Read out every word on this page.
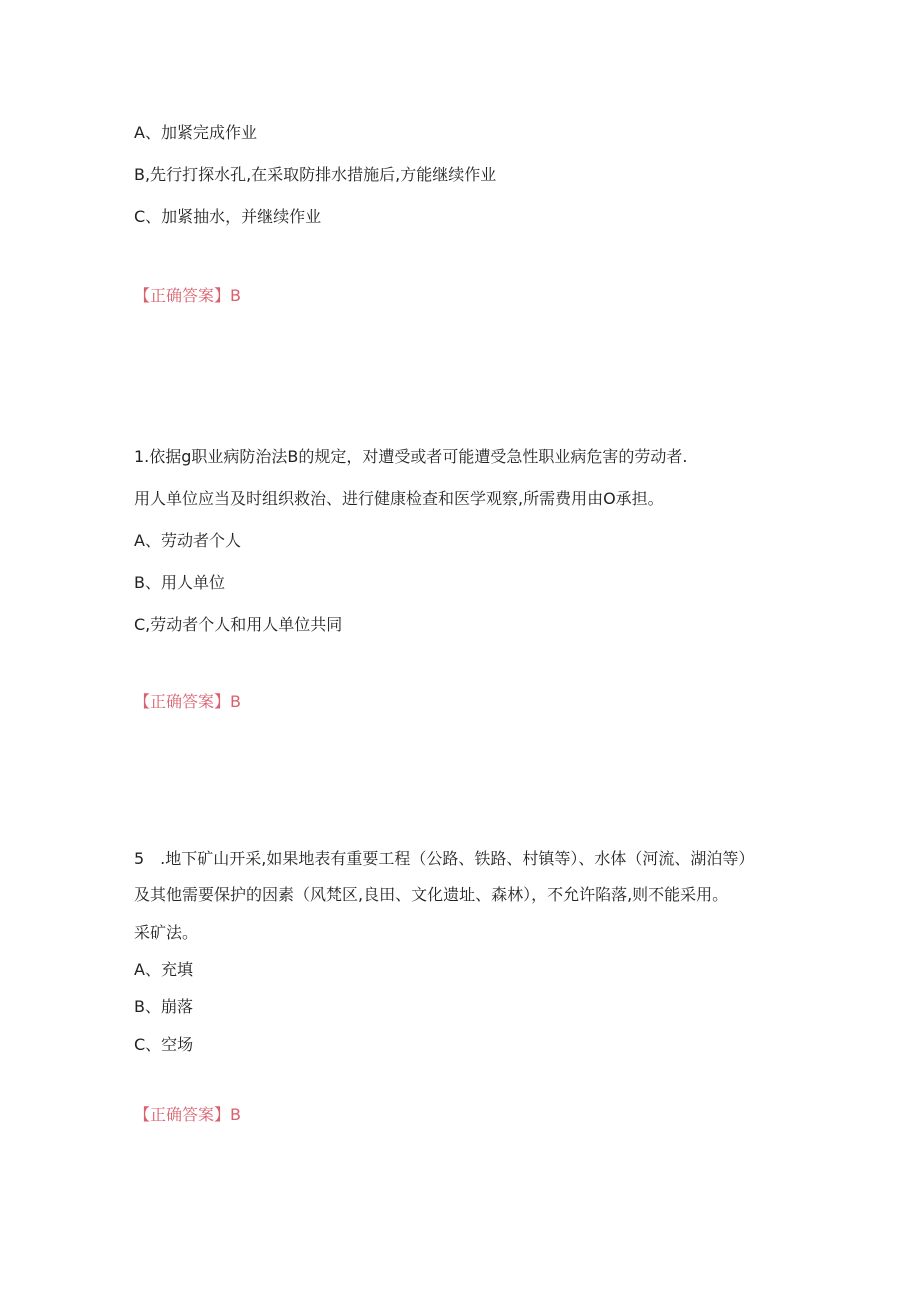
A、加紧完成作业
B,先行打探水孔,在采取防排水措施后,方能继续作业
C、加紧抽水，并继续作业
【正确答案】B
1.依据g职业病防治法B的规定，对遭受或者可能遭受急性职业病危害的劳动者.
用人单位应当及时组织救治、进行健康检查和医学观察,所需费用由O承担。
A、劳动者个人
B、用人单位
C,劳动者个人和用人单位共同
【正确答案】B
5　.地下矿山开采,如果地表有重要工程（公路、铁路、村镇等）、水体（河流、湖泊等）
及其他需要保护的因素（风梵区,良田、文化遗址、森林），不允许陷落,则不能采用。
采矿法。
A、充填
B、崩落
C、空场
【正确答案】B
